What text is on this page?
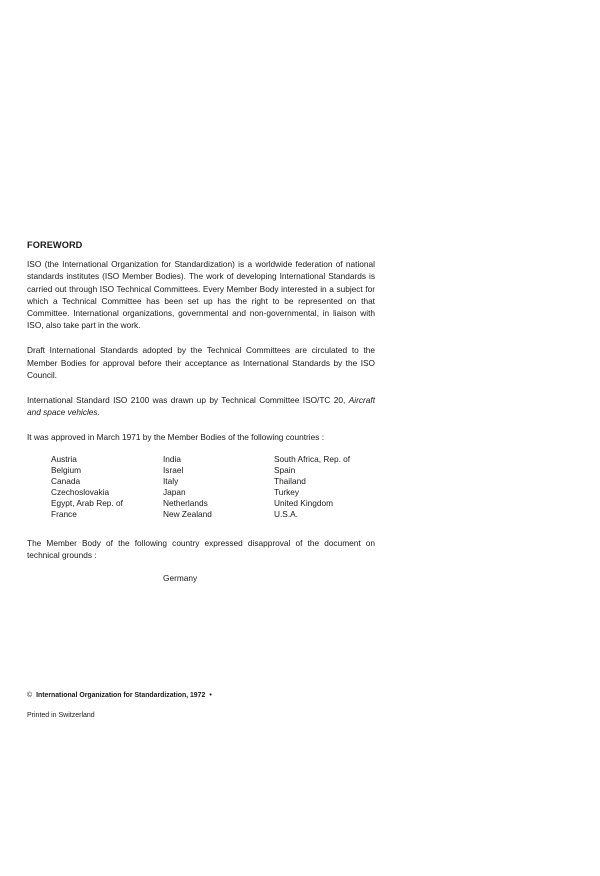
FOREWORD

ISO (the International Organization for Standardization) is a worldwide federation of national standards institutes (ISO Member Bodies). The work of developing International Standards is carried out through ISO Technical Committees. Every Member Body interested in a subject for which a Technical Committee has been set up has the right to be represented on that Committee. International organizations, governmental and non-governmental, in liaison with ISO, also take part in the work.

Draft International Standards adopted by the Technical Committees are circulated to the Member Bodies for approval before their acceptance as International Standards by the ISO Council.

International Standard ISO 2100 was drawn up by Technical Committee ISO/TC 20, Aircraft and space vehicles.

It was approved in March 1971 by the Member Bodies of the following countries :

Austria	India	South Africa, Rep. of
Belgium	Israel	Spain
Canada	Italy	Thailand
Czechoslovakia	Japan	Turkey
Egypt, Arab Rep. of	Netherlands	United Kingdom
France	New Zealand	U.S.A.

The Member Body of the following country expressed disapproval of the document on technical grounds :

Germany
© International Organization for Standardization, 1972 •
Printed in Switzerland
